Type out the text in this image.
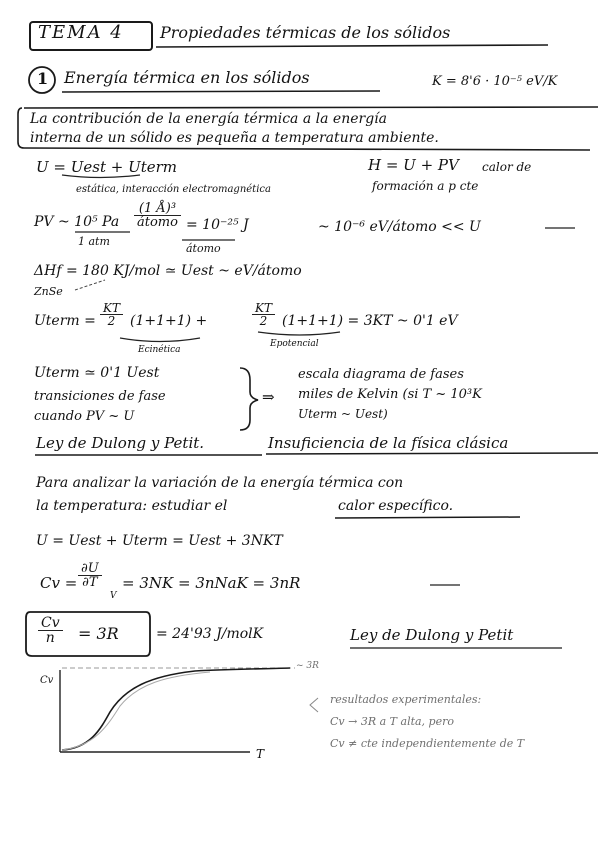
TEMA 4 Propiedades térmicas de los sólidos
1 Energía térmica en los sólidos	K = 8'6 · 10⁻⁵ eV/K
La contribución de la energía térmica a la energía
interna de un sólido es pequeña a temperatura ambiente.
U = Uest + Uterm
estática, interacción electromagnética
H = U + PV calor de
formación a p cte
PV ~ 10⁵ Pa
1 atm
$\frac{\text{(1 Å)³}}{\text{átomo}} = 10^{-25}$ J
átomo
~ 10⁻⁶ eV/átomo << U
ΔHf = 180 KJ/mol ≃ Uest ~ eV/átomo
ZnSe
Uterm = $\frac{KT}{2} (1+1+1)$ +	$\frac{KT}{2} (1+1+1) = 3KT$ ~ 0'1 eV
Ecinética
Epotencial
Uterm ≃ 0'1 Uest
transiciones de fase
cuando PV ~ U
⇒
escala diagrama de fases
miles de Kelvin (si T ~ 10³K
Uterm ~ Uest)
Ley de Dulong y Petit.	Insuficiencia de la física clásica
Para analizar la variación de la energía térmica con
la temperatura: estudiar el	calor específico.
U = Uest + Uterm = Uest + 3NKT
$Cv = \frac{\partial U}{\partial T}$
V
= 3NK = 3nNaK = 3nR
$\frac{Cv}{n} = 3R$	= 24'93 J/molK	Ley de Dulong y Petit
Cv
~ 3R
T
resultados experimentales:
Cv → 3R a T alta, pero
Cv ≠ cte independientemente de T
